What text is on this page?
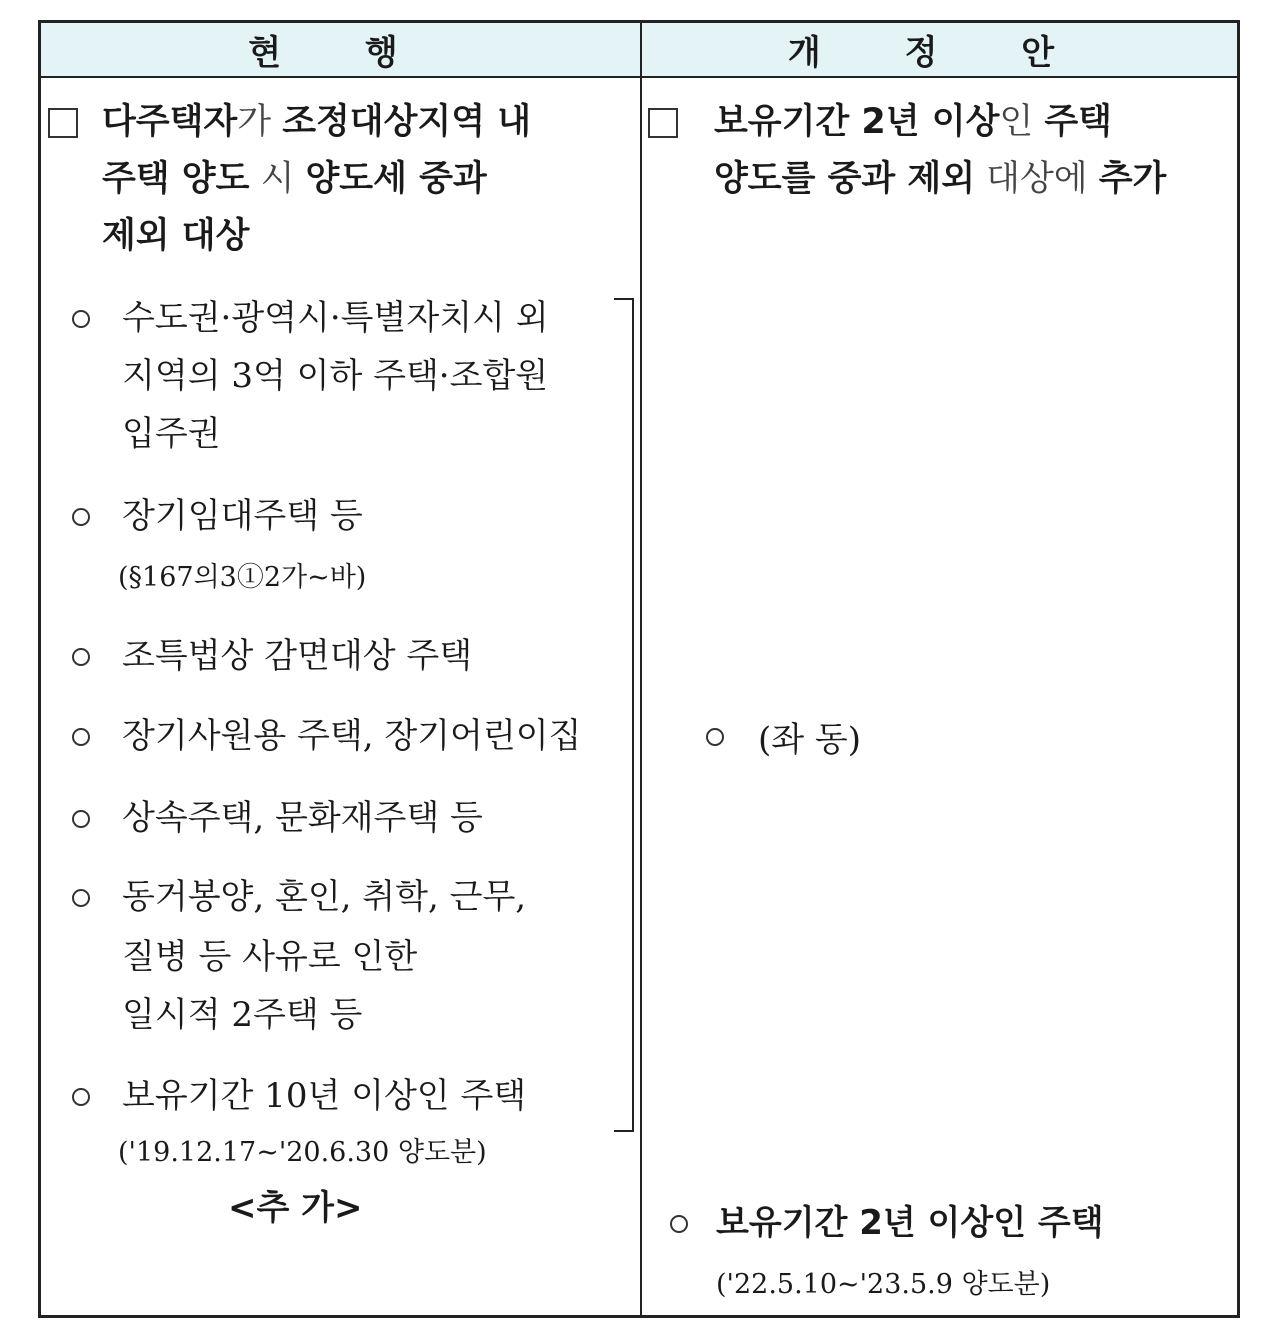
현 행	개 정 안
다주택자가 조정대상지역 내
주택 양도 시 양도세 중과
제외 대상

수도권·광역시·특별자치시 외

지역의 3억 이하 주택·조합원

입주권

장기임대주택 등

(§167의3①2가~바)

조특법상 감면대상 주택

장기사원용 주택, 장기어린이집

상속주택, 문화재주택 등

동거봉양, 혼인, 취학, 근무,

질병 등 사유로 인한

일시적 2주택 등

보유기간 10년 이상인 주택

('19.12.17~'20.6.30 양도분)

<추 가>
보유기간 2년 이상인 주택
양도를 중과 제외 대상에 추가
(좌 동)
보유기간 2년 이상인 주택
('22.5.10~'23.5.9 양도분)
